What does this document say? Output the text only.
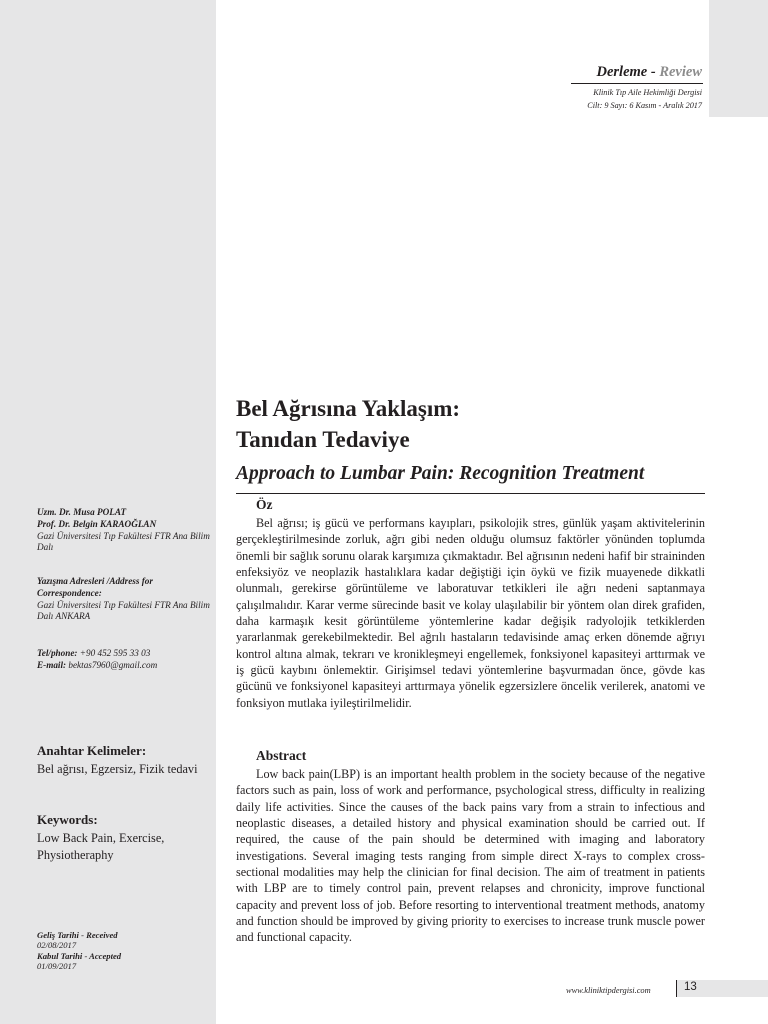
Derleme - Review
Klinik Tıp Aile Hekimliği Dergisi
Cilt: 9 Sayı: 6 Kasım - Aralık 2017
Bel Ağrısına Yaklaşım:
Tanıdan Tedaviye
Approach to Lumbar Pain: Recognition Treatment
Öz

Bel ağrısı; iş gücü ve performans kayıpları, psikolojik stres, günlük yaşam aktivitelerinin gerçekleştirilmesinde zorluk, ağrı gibi neden olduğu olumsuz faktörler yönünden toplumda önemli bir sağlık sorunu olarak karşımıza çıkmaktadır. Bel ağrısının nedeni hafif bir straininden enfeksiyöz ve neoplazik hastalıklara kadar değiştiği için öykü ve fizik muayenede dikkatli olunmalı, gerekirse görüntüleme ve laboratuvar tetkikleri ile ağrı nedeni saptanmaya çalışılmalıdır. Karar verme sürecinde basit ve kolay ulaşılabilir bir yöntem olan direk grafiden, daha karmaşık kesit görüntüleme yöntemlerine kadar değişik radyolojik tetkiklerden yararlanmak gerekebilmektedir. Bel ağrılı hastaların tedavisinde amaç erken dönemde ağrıyı kontrol altına almak, tekrarı ve kronikleşmeyi engellemek, fonksiyonel kapasiteyi arttırmak ve iş gücü kaybını önlemektir. Girişimsel tedavi yöntemlerine başvurmadan önce, gövde kas gücünü ve fonksiyonel kapasiteyi arttırmaya yönelik egzersizlere öncelik verilerek, anatomi ve fonksiyon mutlaka iyileştirilmelidir.

Abstract

Low back pain(LBP) is an important health problem in the society because of the negative factors such as pain, loss of work and performance, psychological stress, difficulty in realizing daily life activities. Since the causes of the back pains vary from a strain to infectious and neoplastic diseases, a detailed history and physical examination should be carried out. If required, the cause of the pain should be determined with imaging and laboratory investigations. Several imaging tests ranging from simple direct X-rays to complex cross-sectional modalities may help the clinician for final decision. The aim of treatment in patients with LBP are to timely control pain, prevent relapses and chronicity, improve functional capacity and prevent loss of job. Before resorting to interventional treatment methods, anatomy and function should be improved by giving priority to exercises to increase trunk muscle power and functional capacity.

Uzm. Dr. Musa POLAT
Prof. Dr. Belgin KARAOĞLAN
Gazi Üniversitesi Tıp Fakültesi FTR Ana Bilim Dalı
Yazışma Adresleri /Address for Correspondence:
Gazi Üniversitesi Tıp Fakültesi FTR Ana Bilim Dalı ANKARA
Tel/phone: +90 452 595 33 03
E-mail: bektas7960@gmail.com
Anahtar Kelimeler:
Bel ağrısı, Egzersiz, Fizik tedavi
Keywords:
Low Back Pain, Exercise, Physiotheraphy
Geliş Tarihi - Received
02/08/2017
Kabul Tarihi - Accepted
01/09/2017
www.kliniktipdergisi.com	13
